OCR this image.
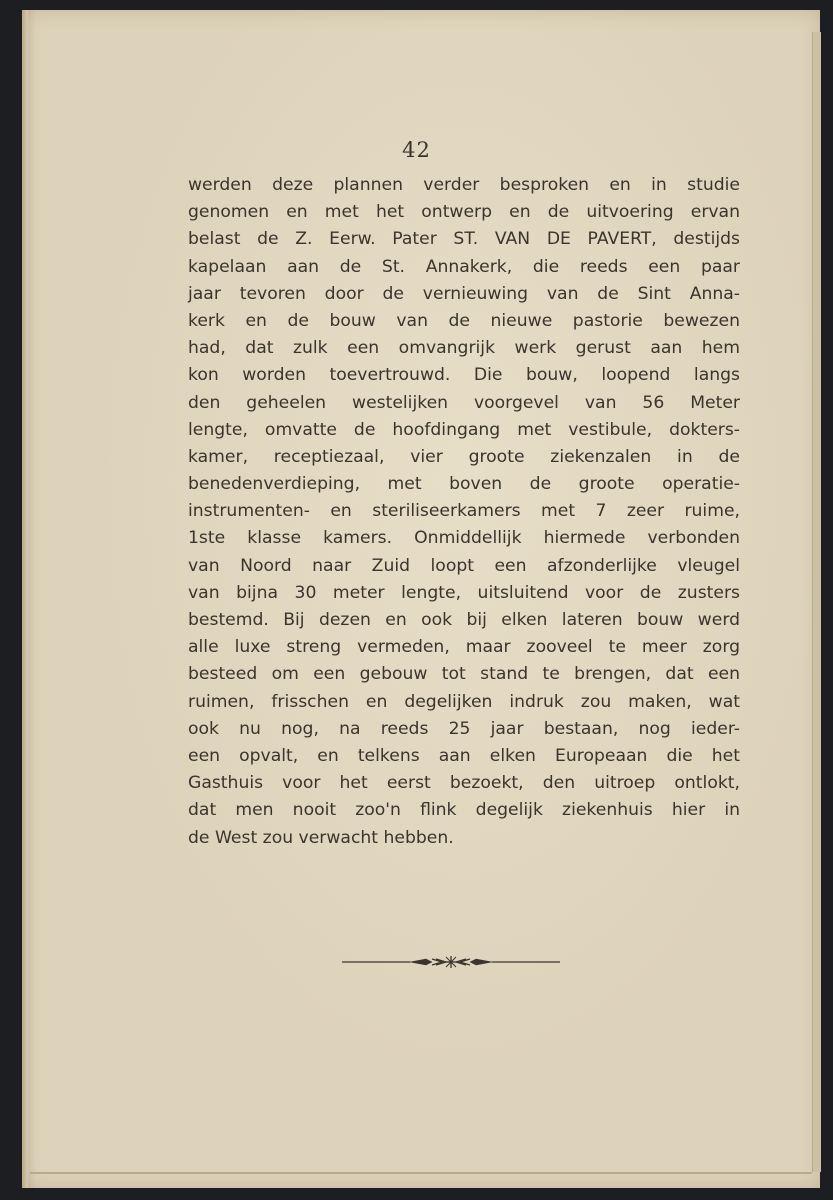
42
werden deze plannen verder besproken en in studie
genomen en met het ontwerp en de uitvoering ervan
belast de Z. Eerw. Pater ST. VAN DE PAVERT, destijds
kapelaan aan de St. Annakerk, die reeds een paar
jaar tevoren door de vernieuwing van de Sint Anna-
kerk en de bouw van de nieuwe pastorie bewezen
had, dat zulk een omvangrijk werk gerust aan hem
kon worden toevertrouwd. Die bouw, loopend langs
den geheelen westelijken voorgevel van 56 Meter
lengte, omvatte de hoofdingang met vestibule, dokters-
kamer, receptiezaal, vier groote ziekenzalen in de
benedenverdieping, met boven de groote operatie-
instrumenten- en steriliseerkamers met 7 zeer ruime,
1ste klasse kamers. Onmiddellijk hiermede verbonden
van Noord naar Zuid loopt een afzonderlijke vleugel
van bijna 30 meter lengte, uitsluitend voor de zusters
bestemd. Bij dezen en ook bij elken lateren bouw werd
alle luxe streng vermeden, maar zooveel te meer zorg
besteed om een gebouw tot stand te brengen, dat een
ruimen, frisschen en degelijken indruk zou maken, wat
ook nu nog, na reeds 25 jaar bestaan, nog ieder-
een opvalt, en telkens aan elken Europeaan die het
Gasthuis voor het eerst bezoekt, den uitroep ontlokt,
dat men nooit zoo'n flink degelijk ziekenhuis hier in
de West zou verwacht hebben.
